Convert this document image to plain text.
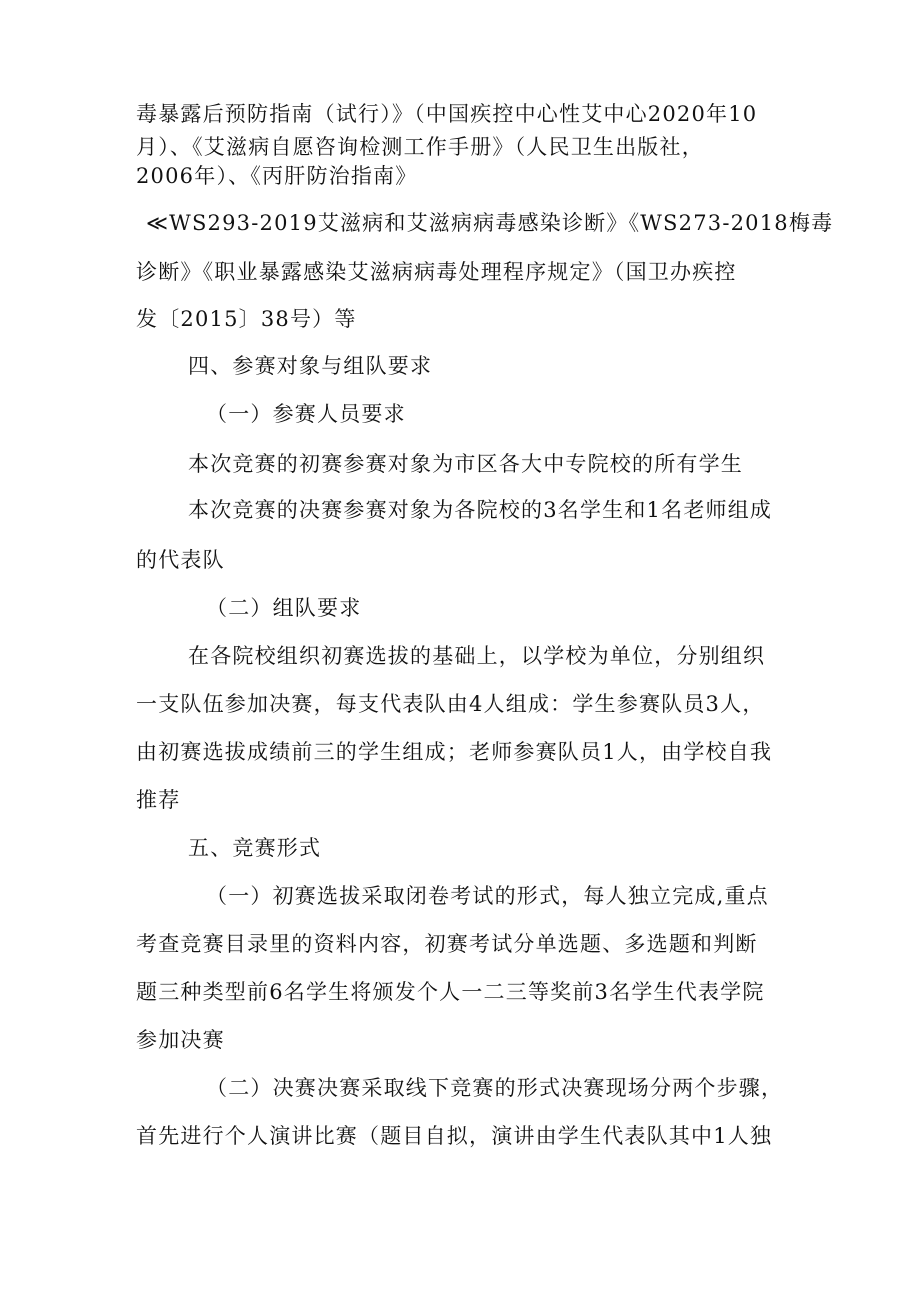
毒暴露后预防指南（试行）》（中国疾控中心性艾中心2020年10
月）、《艾滋病自愿咨询检测工作手册》（人民卫生出版社，
2006年）、《丙肝防治指南》
≪WS293-2019艾滋病和艾滋病病毒感染诊断》《WS273-2018梅毒
诊断》《职业暴露感染艾滋病病毒处理程序规定》（国卫办疾控
发〔2015〕38号）等
四、参赛对象与组队要求
（一）参赛人员要求
本次竞赛的初赛参赛对象为市区各大中专院校的所有学生
本次竞赛的决赛参赛对象为各院校的3名学生和1名老师组成
的代表队
（二）组队要求
在各院校组织初赛选拔的基础上，以学校为单位，分别组织
一支队伍参加决赛，每支代表队由4人组成：学生参赛队员3人，
由初赛选拔成绩前三的学生组成；老师参赛队员1人，由学校自我
推荐
五、竞赛形式
（一）初赛选拔采取闭卷考试的形式，每人独立完成,重点
考查竞赛目录里的资料内容，初赛考试分单选题、多选题和判断
题三种类型前6名学生将颁发个人一二三等奖前3名学生代表学院
参加决赛
（二）决赛决赛采取线下竞赛的形式决赛现场分两个步骤，
首先进行个人演讲比赛（题目自拟，演讲由学生代表队其中1人独
